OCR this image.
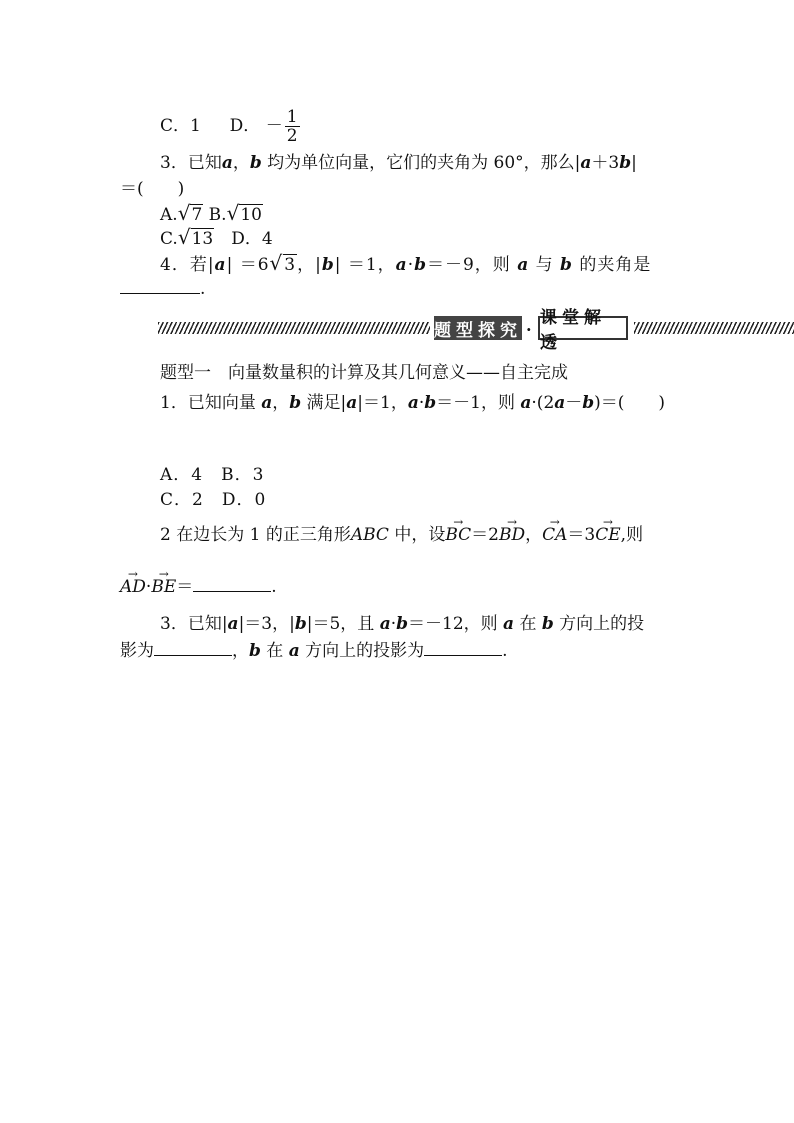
C．1 D． － $\frac{1}{2}$
3．已知a，b 均为单位向量，它们的夹角为 60°，那么|a＋3b|
＝(　　)
A.√7 B.√10
C.√13　D．4
4．若|a| ＝6√3，|b| ＝1，a·b＝－9，则 a 与 b 的夹角是
.
题型探究 ·
课堂解透
题型一　向量数量积的计算及其几何意义——自主完成
1．已知向量 a，b 满足|a|＝1，a·b＝－1，则 a·(2a－b)＝(　　)
A．4　B．3
C．2　D．0
2 在边长为 1 的正三角形ABC 中，设→ BC＝2→ BD，→ CA＝3→ CE,则
→ AD·→ BE＝	.
3．已知|a|＝3，|b|＝5，且 a·b＝－12，则 a 在 b 方向上的投
影为	，b 在 a 方向上的投影为	.
